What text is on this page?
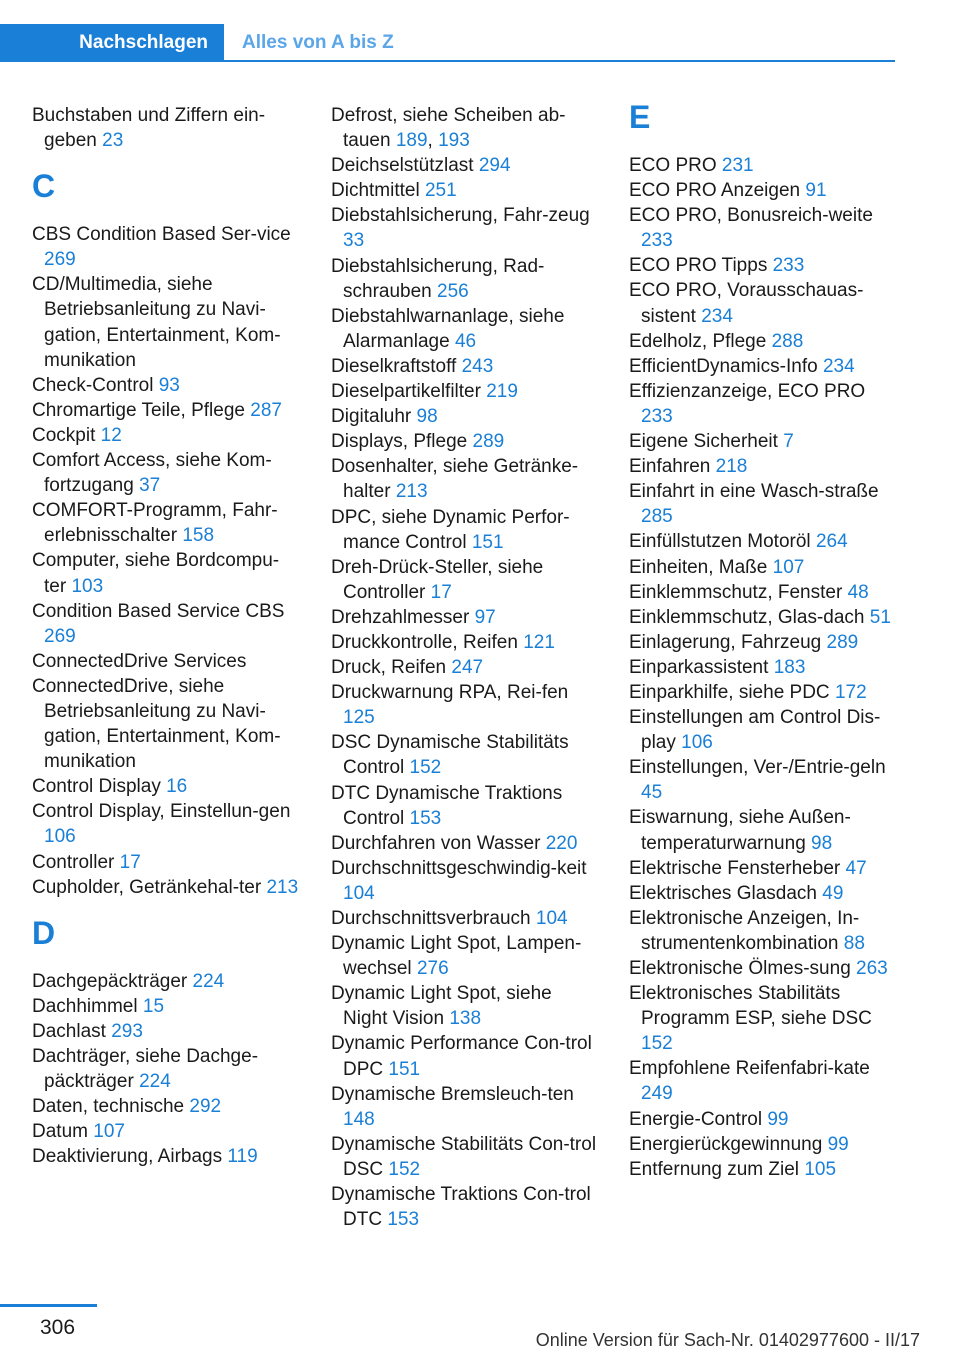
Nachschlagen	Alles von A bis Z
Buchstaben und Ziffern ein-geben 23
C
CBS Condition Based Ser-vice 269
CD/Multimedia, siehe Betriebsanleitung zu Navi-gation, Entertainment, Kom-munikation
Check-Control 93
Chromartige Teile, Pflege 287
Cockpit 12
Comfort Access, siehe Kom-fortzugang 37
COMFORT-Programm, Fahr-erlebnisschalter 158
Computer, siehe Bordcompu-ter 103
Condition Based Service CBS 269
ConnectedDrive Services
ConnectedDrive, siehe Betriebsanleitung zu Navi-gation, Entertainment, Kom-munikation
Control Display 16
Control Display, Einstellun-gen 106
Controller 17
Cupholder, Getränkehal-ter 213
D
Dachgepäckträger 224
Dachhimmel 15
Dachlast 293
Dachträger, siehe Dachge-päckträger 224
Daten, technische 292
Datum 107
Deaktivierung, Airbags 119
Defrost, siehe Scheiben ab-tauen 189, 193
Deichselstützlast 294
Dichtmittel 251
Diebstahlsicherung, Fahr-zeug 33
Diebstahlsicherung, Rad-schrauben 256
Diebstahlwarnanlage, siehe Alarmanlage 46
Dieselkraftstoff 243
Dieselpartikelfilter 219
Digitaluhr 98
Displays, Pflege 289
Dosenhalter, siehe Getränke-halter 213
DPC, siehe Dynamic Perfor-mance Control 151
Dreh-Drück-Steller, siehe Controller 17
Drehzahlmesser 97
Druckkontrolle, Reifen 121
Druck, Reifen 247
Druckwarnung RPA, Rei-fen 125
DSC Dynamische Stabilitäts Control 152
DTC Dynamische Traktions Control 153
Durchfahren von Wasser 220
Durchschnittsgeschwindig-keit 104
Durchschnittsverbrauch 104
Dynamic Light Spot, Lampen-wechsel 276
Dynamic Light Spot, siehe Night Vision 138
Dynamic Performance Con-trol DPC 151
Dynamische Bremsleuch-ten 148
Dynamische Stabilitäts Con-trol DSC 152
Dynamische Traktions Con-trol DTC 153
E
ECO PRO 231
ECO PRO Anzeigen 91
ECO PRO, Bonusreich-weite 233
ECO PRO Tipps 233
ECO PRO, Vorausschauas-sistent 234
Edelholz, Pflege 288
EfficientDynamics-Info 234
Effizienzanzeige, ECO PRO 233
Eigene Sicherheit 7
Einfahren 218
Einfahrt in eine Wasch-straße 285
Einfüllstutzen Motoröl 264
Einheiten, Maße 107
Einklemmschutz, Fenster 48
Einklemmschutz, Glas-dach 51
Einlagerung, Fahrzeug 289
Einparkassistent 183
Einparkhilfe, siehe PDC 172
Einstellungen am Control Dis-play 106
Einstellungen, Ver-/Entrie-geln 45
Eiswarnung, siehe Außen-temperaturwarnung 98
Elektrische Fensterheber 47
Elektrisches Glasdach 49
Elektronische Anzeigen, In-strumentenkombination 88
Elektronische Ölmes-sung 263
Elektronisches Stabilitäts Programm ESP, siehe DSC 152
Empfohlene Reifenfabri-kate 249
Energie-Control 99
Energierückgewinnung 99
Entfernung zum Ziel 105
306
Online Version für Sach-Nr. 01402977600 - II/17
